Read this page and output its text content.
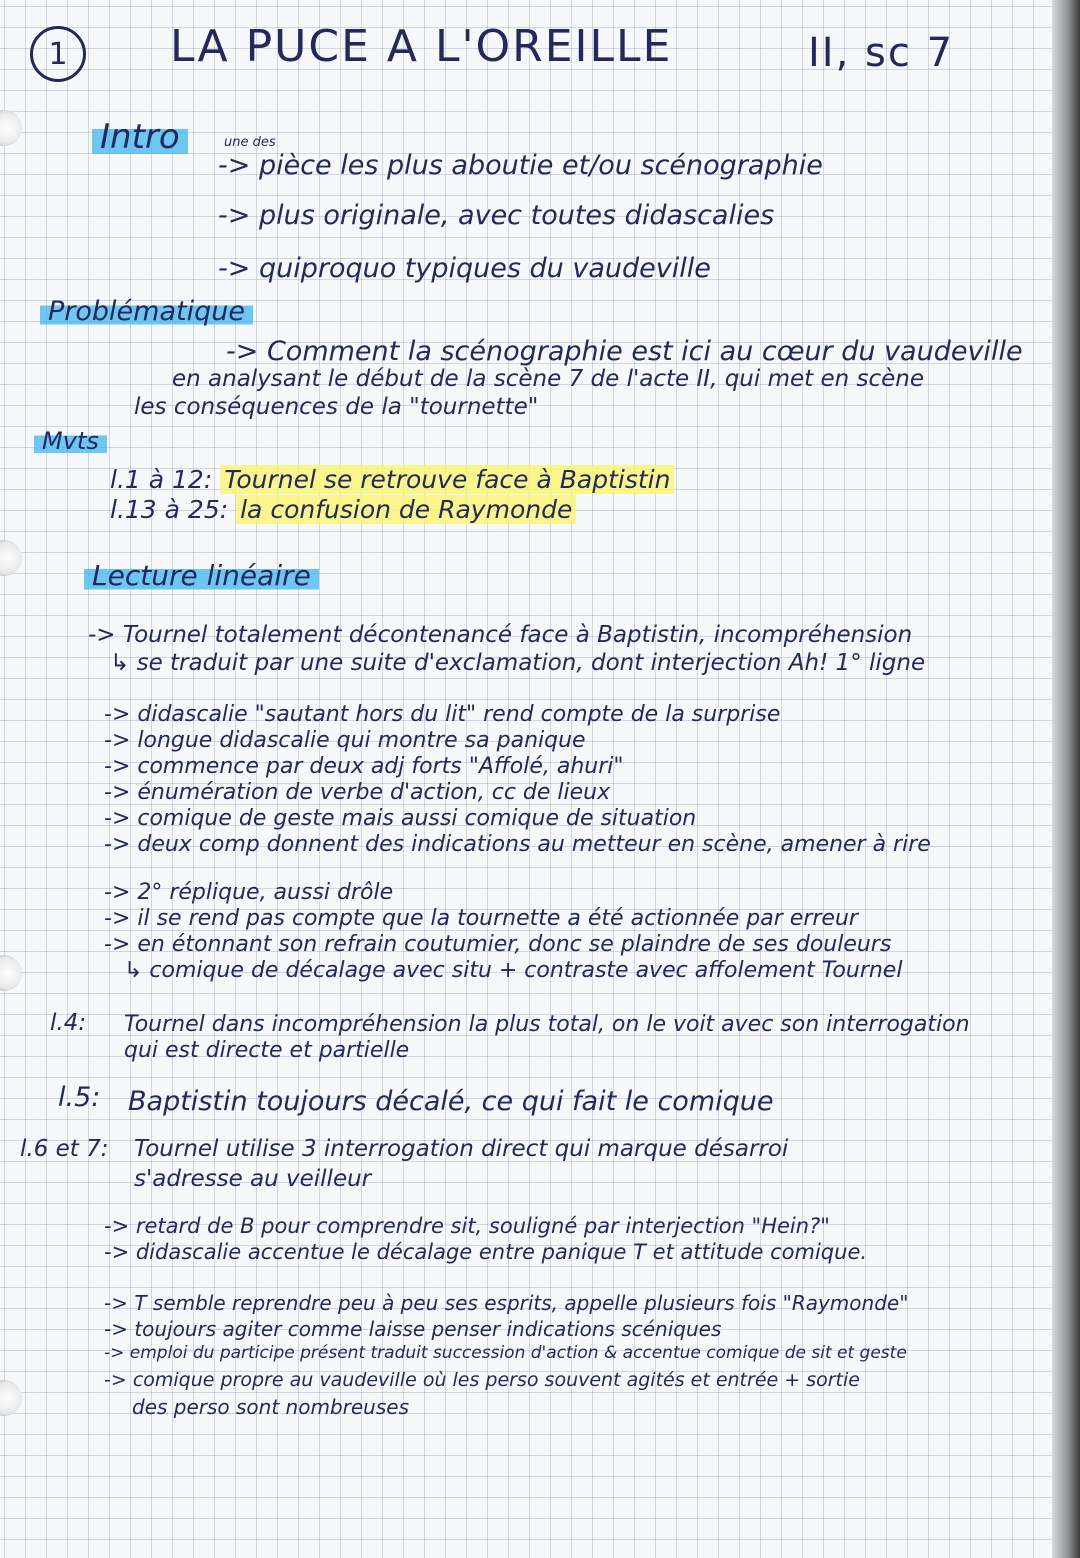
1 LA PUCE A L'OREILLE	II, sc 7
Intro	une des
-> pièce les plus aboutie et/ou scénographie
-> plus originale, avec toutes didascalies
-> quiproquo typiques du vaudeville
Problématique
-> Comment la scénographie est ici au cœur du vaudeville
en analysant le début de la scène 7 de l'acte II, qui met en scène
les conséquences de la "tournette"
Mvts
l.1 à 12: Tournel se retrouve face à Baptistin
l.13 à 25: la confusion de Raymonde
Lecture linéaire
-> Tournel totalement décontenancé face à Baptistin, incompréhension
↳ se traduit par une suite d'exclamation, dont interjection Ah! 1° ligne
-> didascalie "sautant hors du lit" rend compte de la surprise
-> longue didascalie qui montre sa panique
-> commence par deux adj forts "Affolé, ahuri"
-> énumération de verbe d'action, cc de lieux
-> comique de geste mais aussi comique de situation
-> deux comp donnent des indications au metteur en scène, amener à rire
-> 2° réplique, aussi drôle
-> il se rend pas compte que la tournette a été actionnée par erreur
-> en étonnant son refrain coutumier, donc se plaindre de ses douleurs
↳ comique de décalage avec situ + contraste avec affolement Tournel
l.4: Tournel dans incompréhension la plus total, on le voit avec son interrogation
qui est directe et partielle
l.5: Baptistin toujours décalé, ce qui fait le comique
l.6 et 7: Tournel utilise 3 interrogation direct qui marque désarroi
s'adresse au veilleur
-> retard de B pour comprendre sit, souligné par interjection "Hein?"
-> didascalie accentue le décalage entre panique T et attitude comique.
-> T semble reprendre peu à peu ses esprits, appelle plusieurs fois "Raymonde"
-> toujours agiter comme laisse penser indications scéniques
-> emploi du participe présent traduit succession d'action & accentue comique de sit et geste
-> comique propre au vaudeville où les perso souvent agités et entrée + sortie
des perso sont nombreuses
